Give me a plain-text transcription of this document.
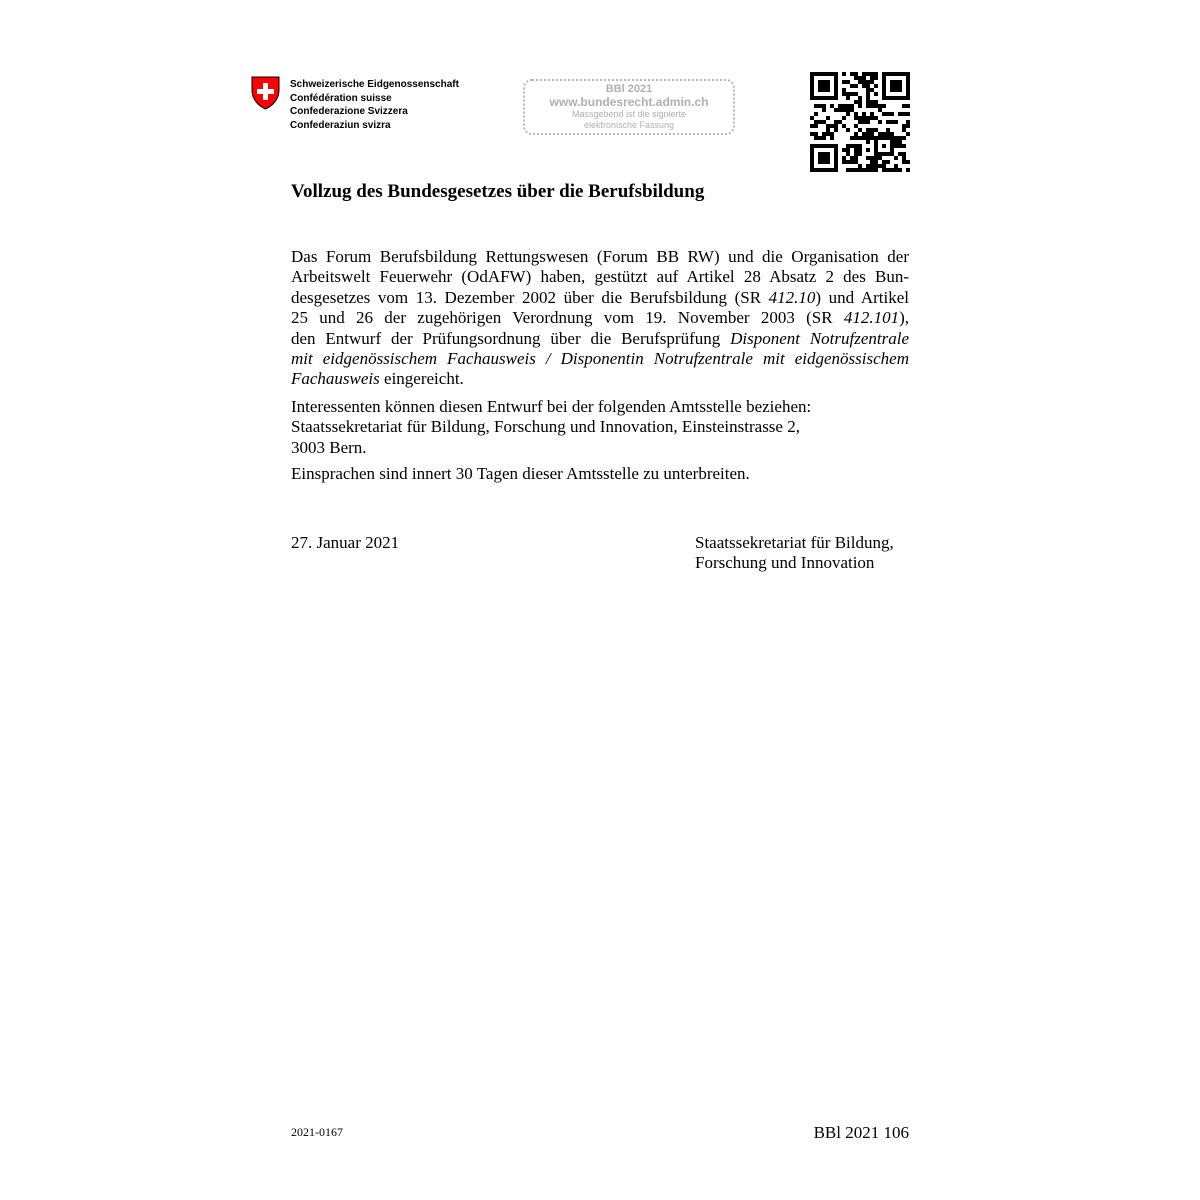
Schweizerische Eidgenossenschaft
Confédération suisse
Confederazione Svizzera
Confederaziun svizra
BBl 2021
www.bundesrecht.admin.ch
Massgebend ist die signierte
elektronische Fassung
Vollzug des Bundesgesetzes über die Berufsbildung
Das Forum Berufsbildung Rettungswesen (Forum BB RW) und die Organisation der
Arbeitswelt Feuerwehr (OdAFW) haben, gestützt auf Artikel 28 Absatz 2 des Bun-
desgesetzes vom 13. Dezember 2002 über die Berufsbildung (SR 412.10) und Artikel
25 und 26 der zugehörigen Verordnung vom 19. November 2003 (SR 412.101),
den Entwurf der Prüfungsordnung über die Berufsprüfung Disponent Notrufzentrale
mit eidgenössischem Fachausweis / Disponentin Notrufzentrale mit eidgenössischem
Fachausweis eingereicht.
Interessenten können diesen Entwurf bei der folgenden Amtsstelle beziehen:
Staatssekretariat für Bildung, Forschung und Innovation, Einsteinstrasse 2,
3003 Bern.
Einsprachen sind innert 30 Tagen dieser Amtsstelle zu unterbreiten.
27. Januar 2021	Staatssekretariat für Bildung,
Forschung und Innovation
2021-0167	BBl 2021 106
